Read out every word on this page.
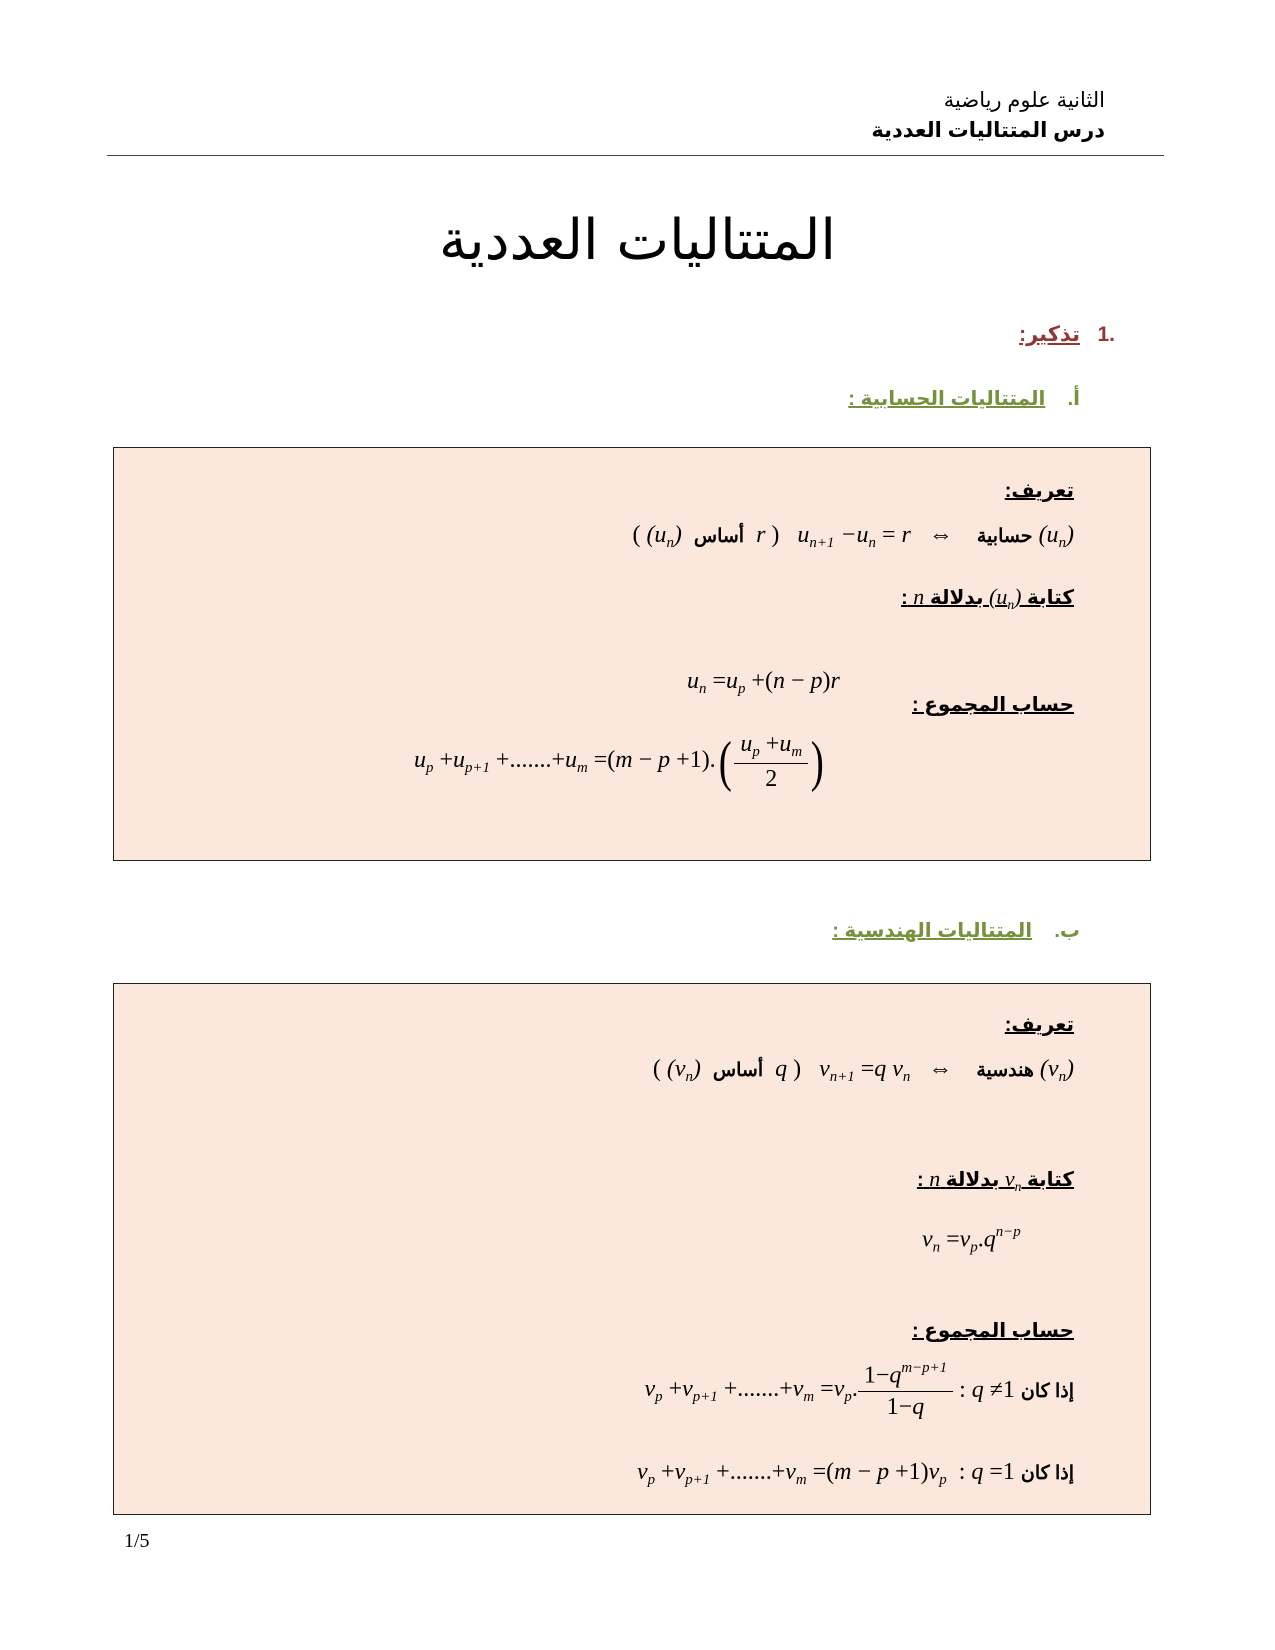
الثانية علوم رياضية
درس المتتاليات العددية
المتتاليات العددية
.1   تذكير:
أ.    المتتاليات الحسابية :
تعريف:
( $(u_n)$  أساس  r )   $u_{n+1} -u_n = r$   ⇔ حسابية $(u_n)$
كتابة $(u_n)$ بدلالة n :
$u_n =u_p +(n - p)r$
حساب المجموع :
$u_p +u_{p+1} +.......+u_m =(m - p +1).( \frac{u_p +u_m}{2}$ )
ب.    المتتاليات الهندسية :
تعريف:
( $(v_n)$  أساس  q )   $v_{n+1} =q$ $v_n$ ⇔ هندسية $(v_n)$
كتابة $v_n$ بدلالة n :
$v_n =v_p.q^{n-p}$
حساب المجموع :
$v_p +v_{p+1} +.......+v_m =v_p$. $\frac{1-q^{m-p+1}}{1-q}$ : q ≠1 إذا كان
$v_p +v_{p+1} +.......+v_m =(m - p +1)v_p$ : q =1 إذا كان
1/5
